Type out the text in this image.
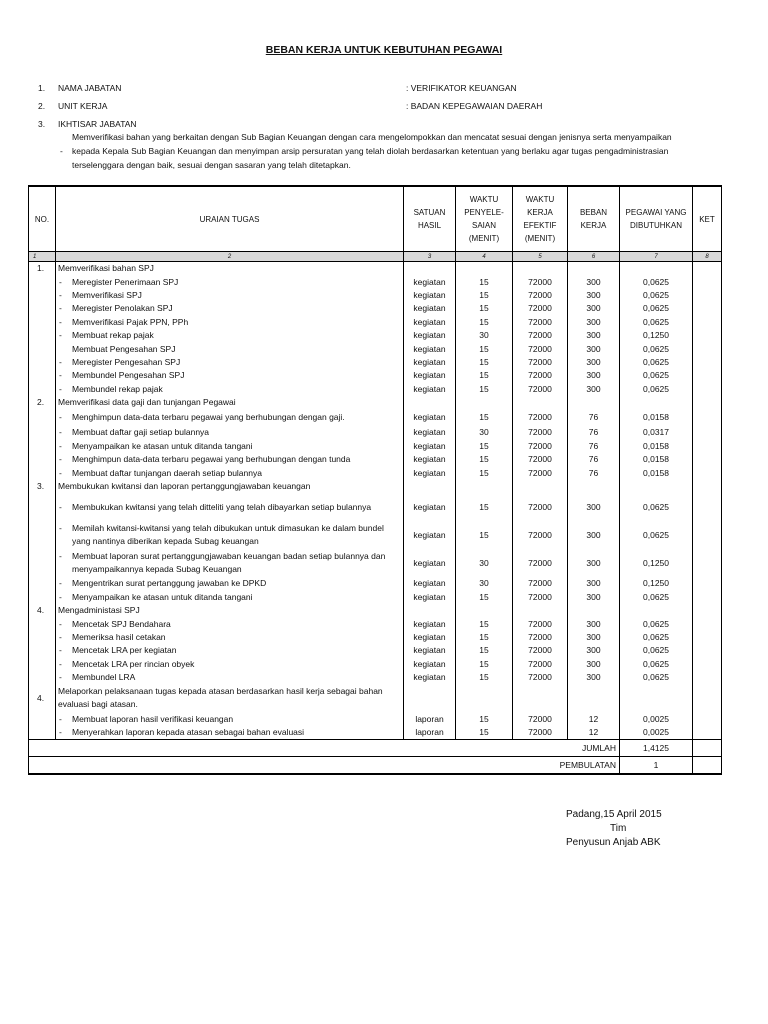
BEBAN KERJA UNTUK KEBUTUHAN PEGAWAI
1. NAMA JABATAN	: VERIFIKATOR KEUANGAN
2. UNIT KERJA	: BADAN KEPEGAWAIAN DAERAH
3. IKHTISAR JABATAN
-
Memverifikasi bahan yang berkaitan dengan Sub Bagian Keuangan dengan cara mengelompokkan dan mencatat sesuai dengan jenisnya serta menyampaikan
kepada Kepala Sub Bagian Keuangan dan menyimpan arsip persuratan yang telah diolah berdasarkan ketentuan yang berlaku agar tugas pengadministrasian
terselenggara dengan baik, sesuai dengan sasaran yang telah ditetapkan.
NO.	URAIAN TUGAS	SATUAN HASIL	WAKTU PENYELE- SAIAN (MENIT)	WAKTU KERJA EFEKTIF (MENIT)	BEBAN KERJA	PEGAWAI YANG DIBUTUHKAN	KET
1	2	3	4	5	6	7	8
1.	Memverifikasi bahan SPJ						

	- Meregister Penerimaan SPJ	kegiatan	15	72000	300	0,0625	

	- Memverifikasi SPJ	kegiatan	15	72000	300	0,0625	

	- Meregister Penolakan SPJ	kegiatan	15	72000	300	0,0625	

	- Memverifikasi Pajak PPN, PPh	kegiatan	15	72000	300	0,0625	

	- Membuat rekap pajak	kegiatan	30	72000	300	0,1250	

	Membuat Pengesahan SPJ	kegiatan	15	72000	300	0,0625	

	- Meregister Pengesahan SPJ	kegiatan	15	72000	300	0,0625	

	- Membundel Pengesahan SPJ	kegiatan	15	72000	300	0,0625	

	- Membundel rekap pajak	kegiatan	15	72000	300	0,0625	
2.	Memverifikasi data gaji dan tunjangan Pegawai						

	- Menghimpun data-data terbaru pegawai yang berhubungan dengan gaji.	kegiatan	15	72000	76	0,0158	

	- Membuat daftar gaji setiap bulannya	kegiatan	30	72000	76	0,0317	

	- Menyampaikan ke atasan untuk ditanda tangani	kegiatan	15	72000	76	0,0158	

	- Menghimpun data-data terbaru pegawai yang berhubungan dengan tunda	kegiatan	15	72000	76	0,0158	

	- Membuat daftar tunjangan daerah setiap bulannya	kegiatan	15	72000	76	0,0158	
3.	Membukukan kwitansi dan laporan pertanggungjawaban keuangan						

	- Membukukan kwitansi yang telah ditteliti yang telah dibayarkan setiap bulannya	kegiatan	15	72000	300	0,0625	

	- Memilah kwitansi-kwitansi yang telah dibukukan untuk dimasukan ke dalam bundel yang nantinya diberikan kepada Subag keuangan	kegiatan	15	72000	300	0,0625	

	- Membuat laporan surat pertanggungjawaban keuangan badan setiap bulannya dan menyampaikannya kepada Subag Keuangan	kegiatan	30	72000	300	0,1250	

	- Mengentrikan surat pertanggung jawaban ke DPKD	kegiatan	30	72000	300	0,1250	

	- Menyampaikan ke atasan untuk ditanda tangani	kegiatan	15	72000	300	0,0625	
4.	Mengadministasi SPJ						

	- Mencetak SPJ Bendahara	kegiatan	15	72000	300	0,0625	

	- Memeriksa hasil cetakan	kegiatan	15	72000	300	0,0625	

	- Mencetak LRA per kegiatan	kegiatan	15	72000	300	0,0625	

	- Mencetak LRA per rincian obyek	kegiatan	15	72000	300	0,0625	

	- Membundel LRA	kegiatan	15	72000	300	0,0625	
4.	Melaporkan pelaksanaan tugas kepada atasan berdasarkan hasil kerja sebagai bahan evaluasi bagi atasan.						

	- Membuat laporan hasil verifikasi keuangan	laporan	15	72000	12	0,0025	

	- Menyerahkan laporan kepada atasan sebagai bahan evaluasi	laporan	15	72000	12	0,0025	
JUMLAH						1,4125	
PEMBULATAN						1	
Padang,15 April 2015
Tim
Penyusun Anjab ABK
